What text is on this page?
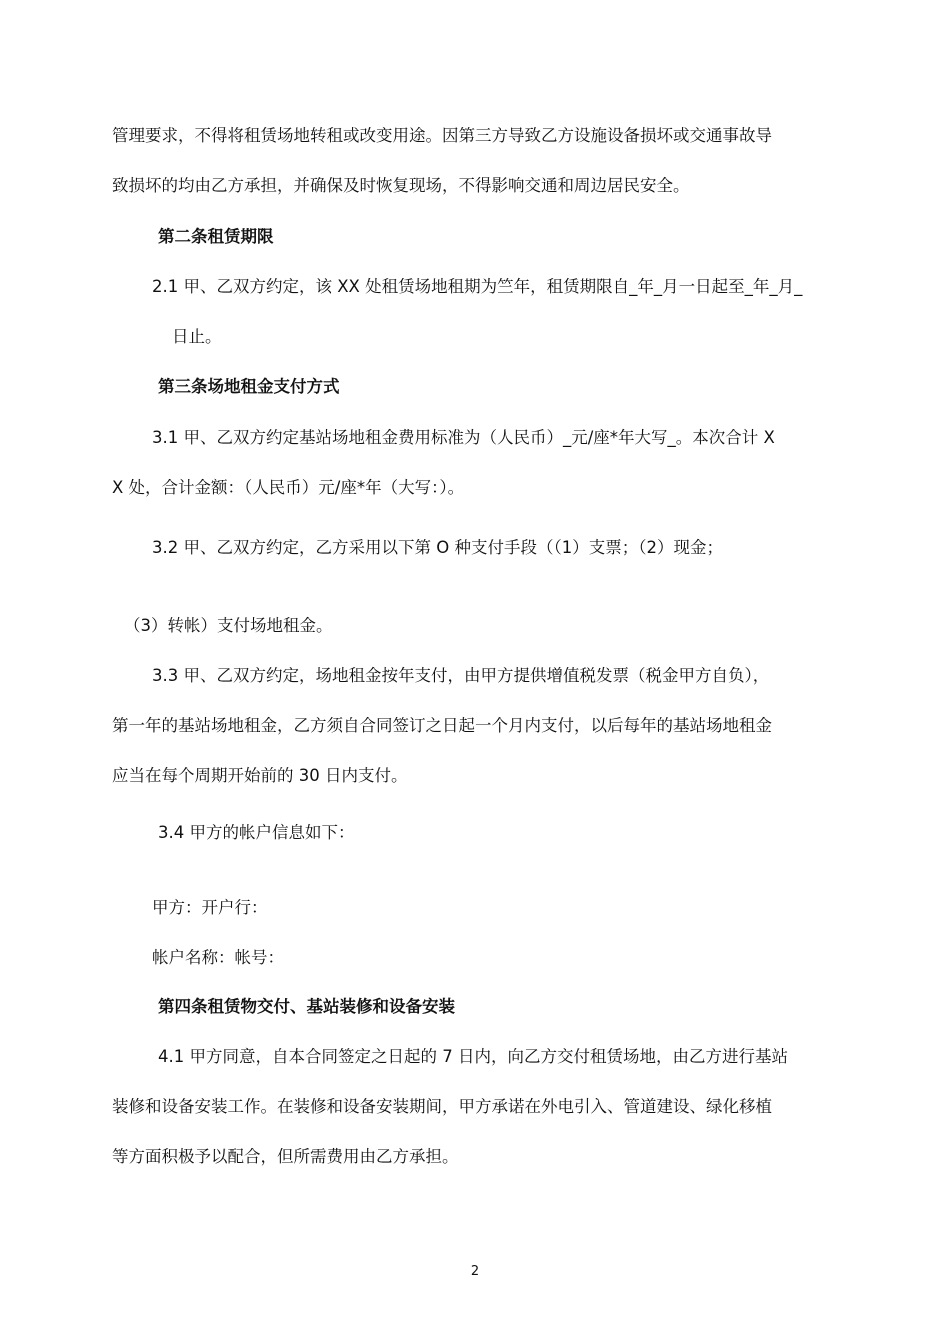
管理要求，不得将租赁场地转租或改变用途。因第三方导致乙方设施设备损坏或交通事故导

致损坏的均由乙方承担，并确保及时恢复现场，不得影响交通和周边居民安全。

第二条租赁期限

2.1 甲、乙双方约定，该 XX 处租赁场地租期为竺年，租赁期限自_年_月一日起至_年_月_

日止。

第三条场地租金支付方式

3.1 甲、乙双方约定基站场地租金费用标准为（人民币）_元/座*年大写_。本次合计 X

X 处，合计金额：（人民币）元/座*年（大写：）。

3.2 甲、乙双方约定，乙方采用以下第 O 种支付手段（（1）支票；（2）现金；

（3）转帐）支付场地租金。

3.3 甲、乙双方约定，场地租金按年支付，由甲方提供增值税发票（税金甲方自负），

第一年的基站场地租金，乙方须自合同签订之日起一个月内支付，以后每年的基站场地租金

应当在每个周期开始前的 30 日内支付。

3.4 甲方的帐户信息如下：

甲方：开户行：

帐户名称：帐号：

第四条租赁物交付、基站装修和设备安装

4.1 甲方同意，自本合同签定之日起的 7 日内，向乙方交付租赁场地，由乙方进行基站

装修和设备安装工作。在装修和设备安装期间，甲方承诺在外电引入、管道建设、绿化移植

等方面积极予以配合，但所需费用由乙方承担。

2
